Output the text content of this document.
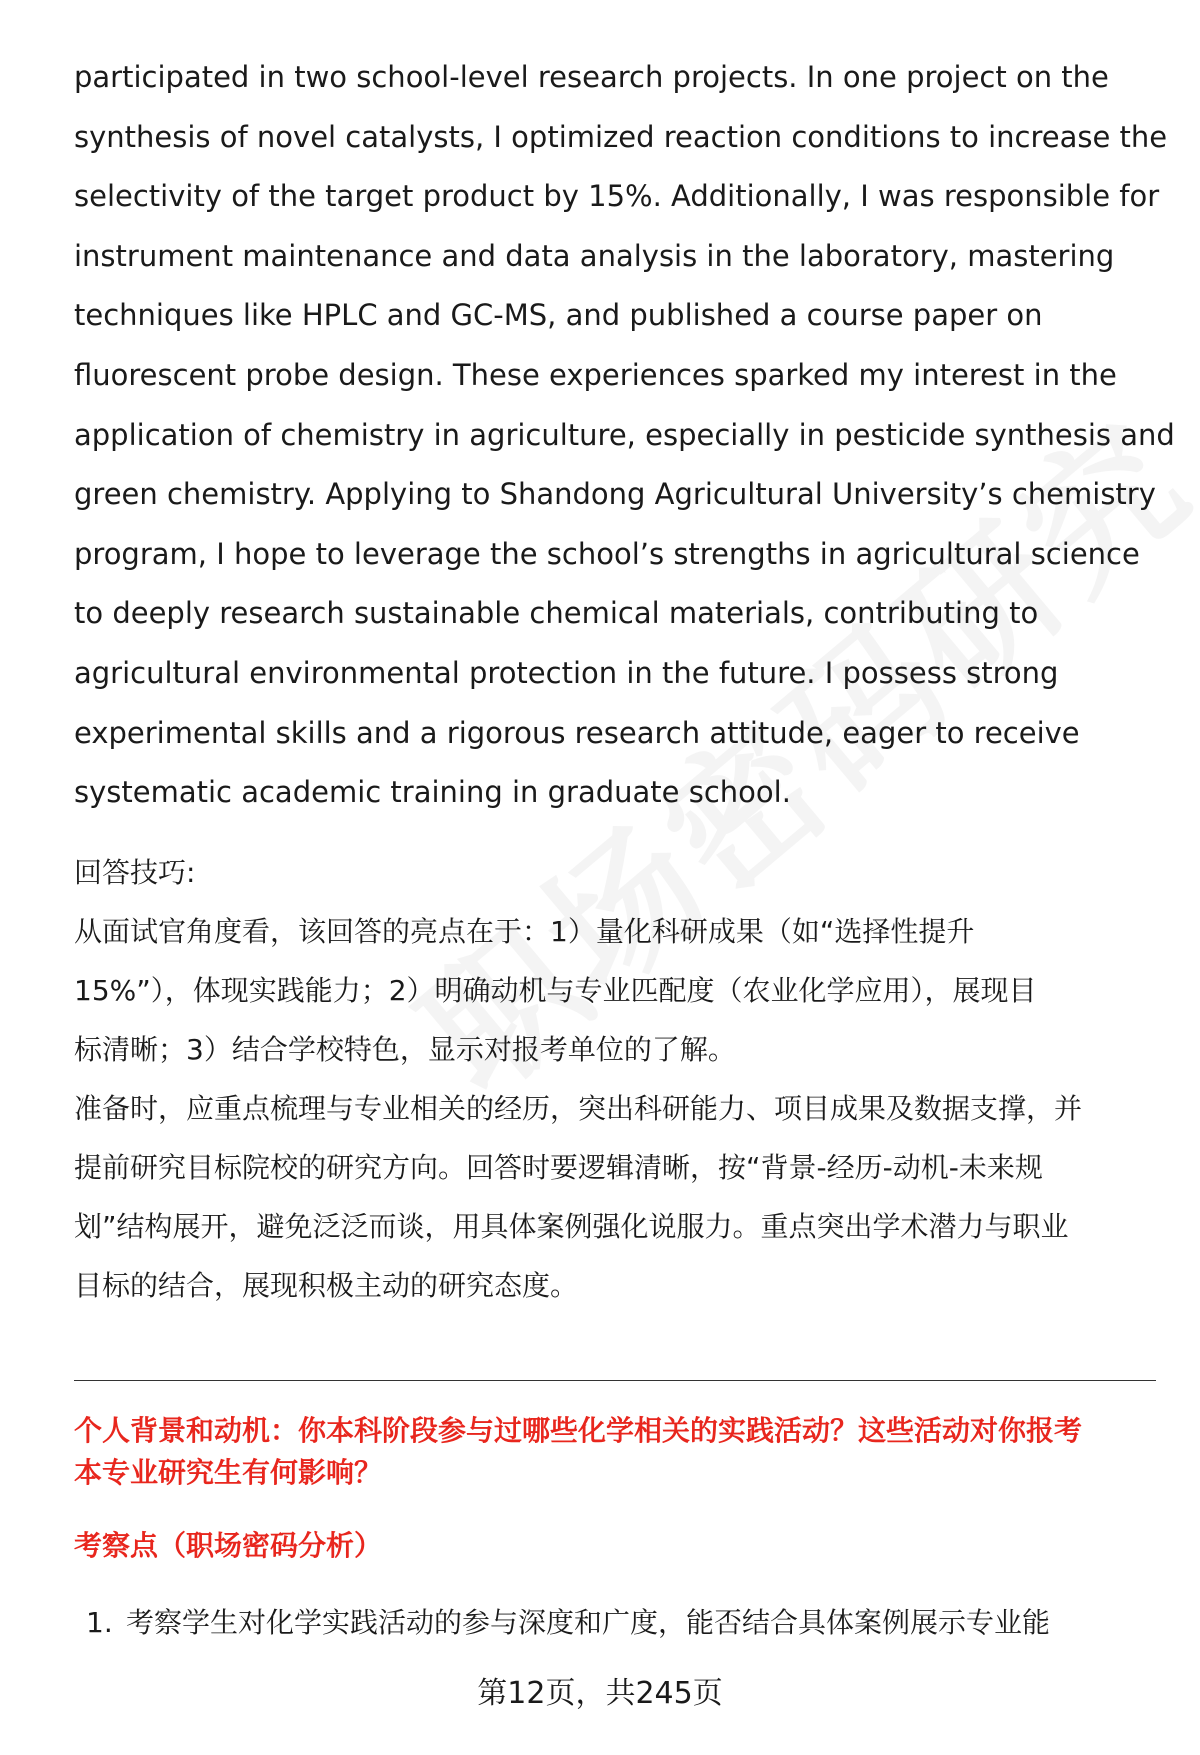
participated in two school-level research projects. In one project on the
synthesis of novel catalysts, I optimized reaction conditions to increase the
selectivity of the target product by 15%. Additionally, I was responsible for
instrument maintenance and data analysis in the laboratory, mastering
techniques like HPLC and GC-MS, and published a course paper on
fluorescent probe design. These experiences sparked my interest in the
application of chemistry in agriculture, especially in pesticide synthesis and
green chemistry. Applying to Shandong Agricultural University’s chemistry
program, I hope to leverage the school’s strengths in agricultural science
to deeply research sustainable chemical materials, contributing to
agricultural environmental protection in the future. I possess strong
experimental skills and a rigorous research attitude, eager to receive
systematic academic training in graduate school.
回答技巧:
从面试官角度看，该回答的亮点在于：1）量化科研成果（如“选择性提升
15%”），体现实践能力；2）明确动机与专业匹配度（农业化学应用），展现目
标清晰；3）结合学校特色，显示对报考单位的了解。
准备时，应重点梳理与专业相关的经历，突出科研能力、项目成果及数据支撑，并
提前研究目标院校的研究方向。回答时要逻辑清晰，按“背景-经历-动机-未来规
划”结构展开，避免泛泛而谈，用具体案例强化说服力。重点突出学术潜力与职业
目标的结合，展现积极主动的研究态度。
个人背景和动机：你本科阶段参与过哪些化学相关的实践活动？这些活动对你报考
本专业研究生有何影响？
考察点（职场密码分析）
1. 考察学生对化学实践活动的参与深度和广度，能否结合具体案例展示专业能
第12页，共245页
